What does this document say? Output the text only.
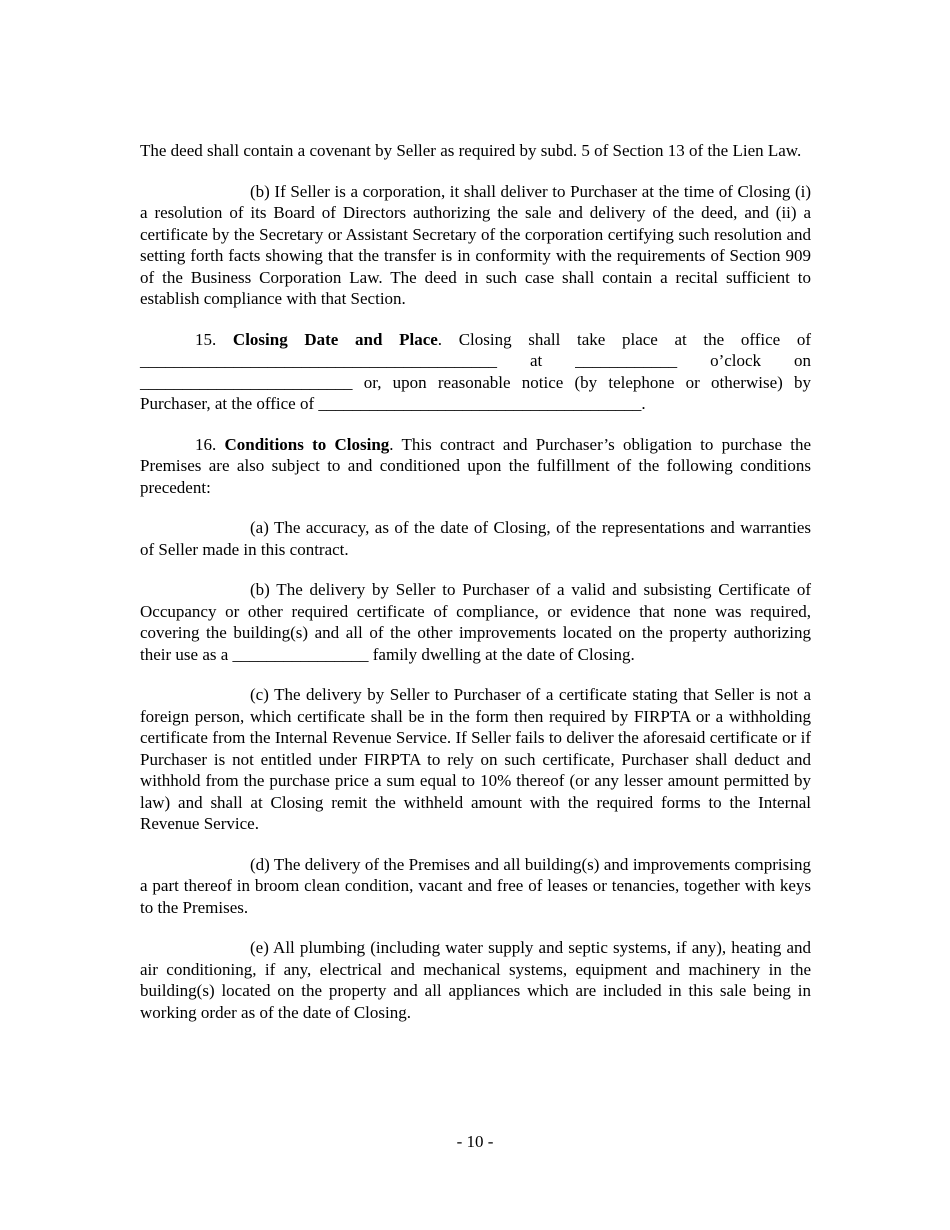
The deed shall contain a covenant by Seller as required by subd. 5 of Section 13 of the Lien Law.

(b) If Seller is a corporation, it shall deliver to Purchaser at the time of Closing (i) a resolution of its Board of Directors authorizing the sale and delivery of the deed, and (ii) a certificate by the Secretary or Assistant Secretary of the corporation certifying such resolution and setting forth facts showing that the transfer is in conformity with the requirements of Section 909 of the Business Corporation Law. The deed in such case shall contain a recital sufficient to establish compliance with that Section.

15. Closing Date and Place. Closing shall take place at the office of
__________________________________________ at ____________ o’clock on
_________________________ or, upon reasonable notice (by telephone or otherwise) by
Purchaser, at the office of ______________________________________.

16. Conditions to Closing. This contract and Purchaser’s obligation to purchase the Premises are also subject to and conditioned upon the fulfillment of the following conditions precedent:

(a) The accuracy, as of the date of Closing, of the representations and warranties of Seller made in this contract.

(b) The delivery by Seller to Purchaser of a valid and subsisting Certificate of Occupancy or other required certificate of compliance, or evidence that none was required, covering the building(s) and all of the other improvements located on the property authorizing their use as a ________________ family dwelling at the date of Closing.

(c) The delivery by Seller to Purchaser of a certificate stating that Seller is not a foreign person, which certificate shall be in the form then required by FIRPTA or a withholding certificate from the Internal Revenue Service. If Seller fails to deliver the aforesaid certificate or if Purchaser is not entitled under FIRPTA to rely on such certificate, Purchaser shall deduct and withhold from the purchase price a sum equal to 10% thereof (or any lesser amount permitted by law) and shall at Closing remit the withheld amount with the required forms to the Internal Revenue Service.

(d) The delivery of the Premises and all building(s) and improvements comprising a part thereof in broom clean condition, vacant and free of leases or tenancies, together with keys to the Premises.

(e) All plumbing (including water supply and septic systems, if any), heating and air conditioning, if any, electrical and mechanical systems, equipment and machinery in the building(s) located on the property and all appliances which are included in this sale being in working order as of the date of Closing.

- 10 -
